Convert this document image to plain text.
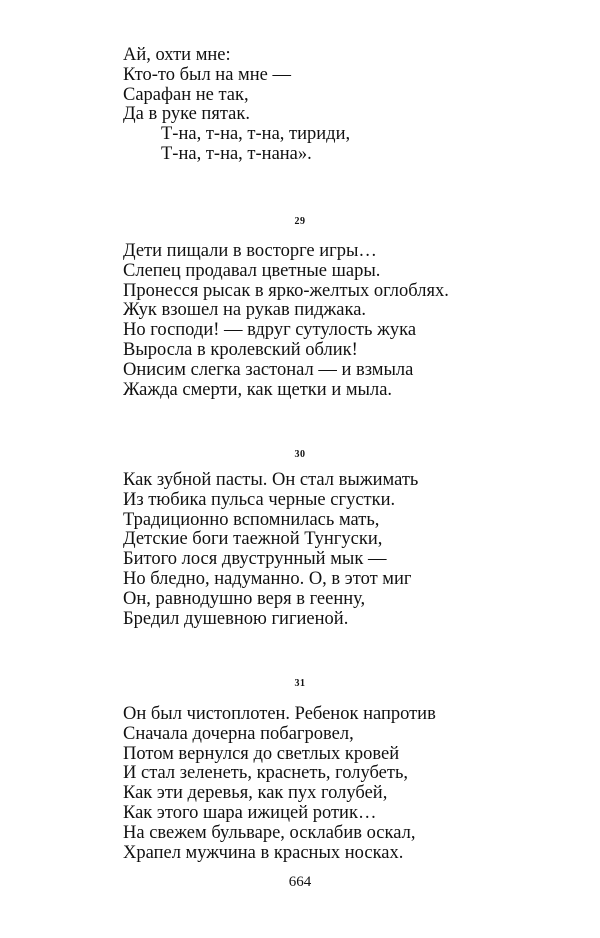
Ай, охти мне:
Кто-то был на мне —
Сарафан не так,
Да в руке пятак.
Т-на, т-на, т-на, тириди,
Т-на, т-на, т-нана».
29
Дети пищали в восторге игры…
Слепец продавал цветные шары.
Пронесся рысак в ярко-желтых оглоблях.
Жук взошел на рукав пиджака.
Но господи! — вдруг сутулость жука
Выросла в кролевский облик!
Онисим слегка застонал — и взмыла
Жажда смерти, как щетки и мыла.
30
Как зубной пасты. Он стал выжимать
Из тюбика пульса черные сгустки.
Традиционно вспомнилась мать,
Детские боги таежной Тунгуски,
Битого лося двуструнный мык —
Но бледно, надуманно. О, в этот миг
Он, равнодушно веря в геенну,
Бредил душевною гигиеной.
31
Он был чистоплотен. Ребенок напротив
Сначала дочерна побагровел,
Потом вернулся до светлых кровей
И стал зеленеть, краснеть, голубеть,
Как эти деревья, как пух голубей,
Как этого шара ижицей ротик…
На свежем бульваре, осклабив оскал,
Храпел мужчина в красных носках.
664
